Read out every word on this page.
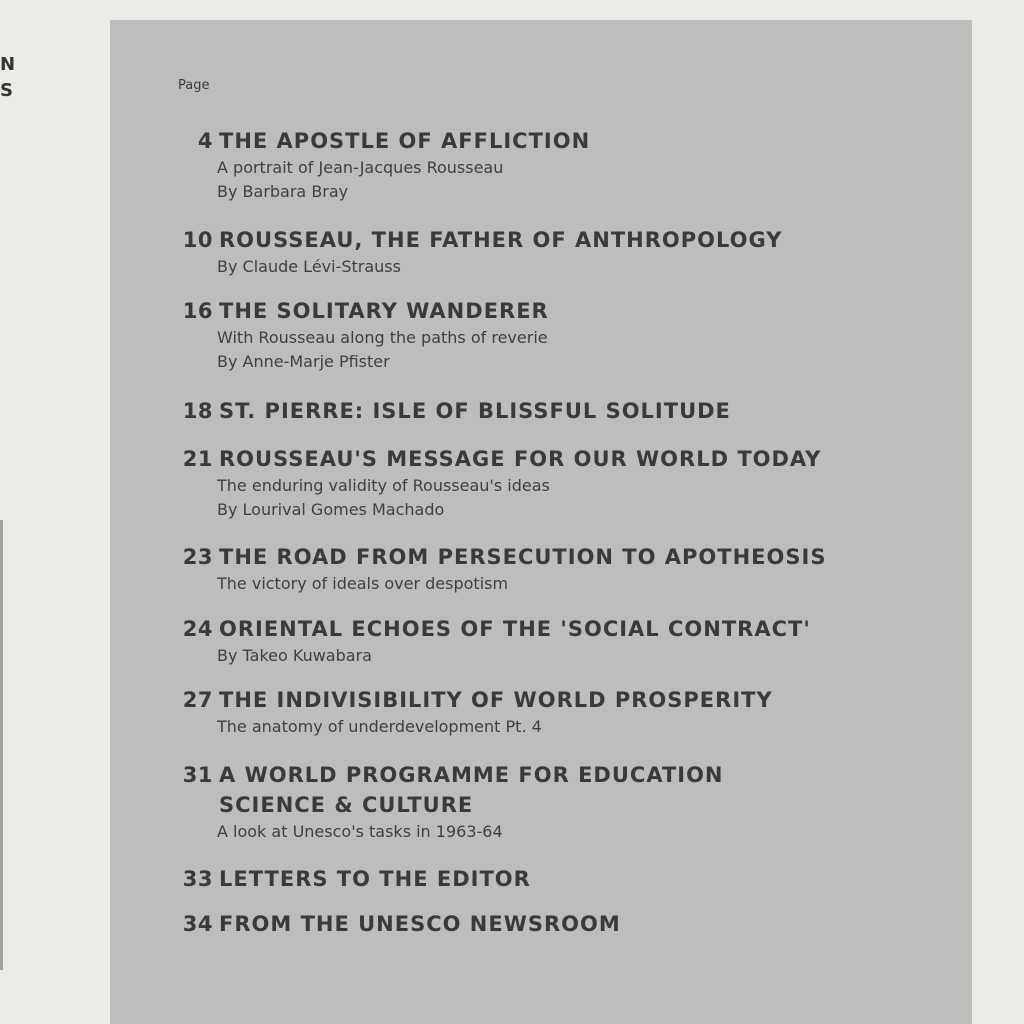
N S
 	Page
4 THE APOSTLE OF AFFLICTION
A portrait of Jean-Jacques Rousseau
By Barbara Bray
10 ROUSSEAU, THE FATHER OF ANTHROPOLOGY
By Claude Lévi-Strauss
16 THE SOLITARY WANDERER
With Rousseau along the paths of reverie
By Anne-Marje Pfister
18 ST. PIERRE: ISLE OF BLISSFUL SOLITUDE
21 ROUSSEAU'S MESSAGE FOR OUR WORLD TODAY
The enduring validity of Rousseau's ideas
By Lourival Gomes Machado
23 THE ROAD FROM PERSECUTION TO APOTHEOSIS
The victory of ideals over despotism
24 ORIENTAL ECHOES OF THE 'SOCIAL CONTRACT'
By Takeo Kuwabara
27 THE INDIVISIBILITY OF WORLD PROSPERITY
The anatomy of underdevelopment Pt. 4
31 A WORLD PROGRAMME FOR EDUCATION
SCIENCE & CULTURE
A look at Unesco's tasks in 1963-64
33 LETTERS TO THE EDITOR
34 FROM THE UNESCO NEWSROOM
